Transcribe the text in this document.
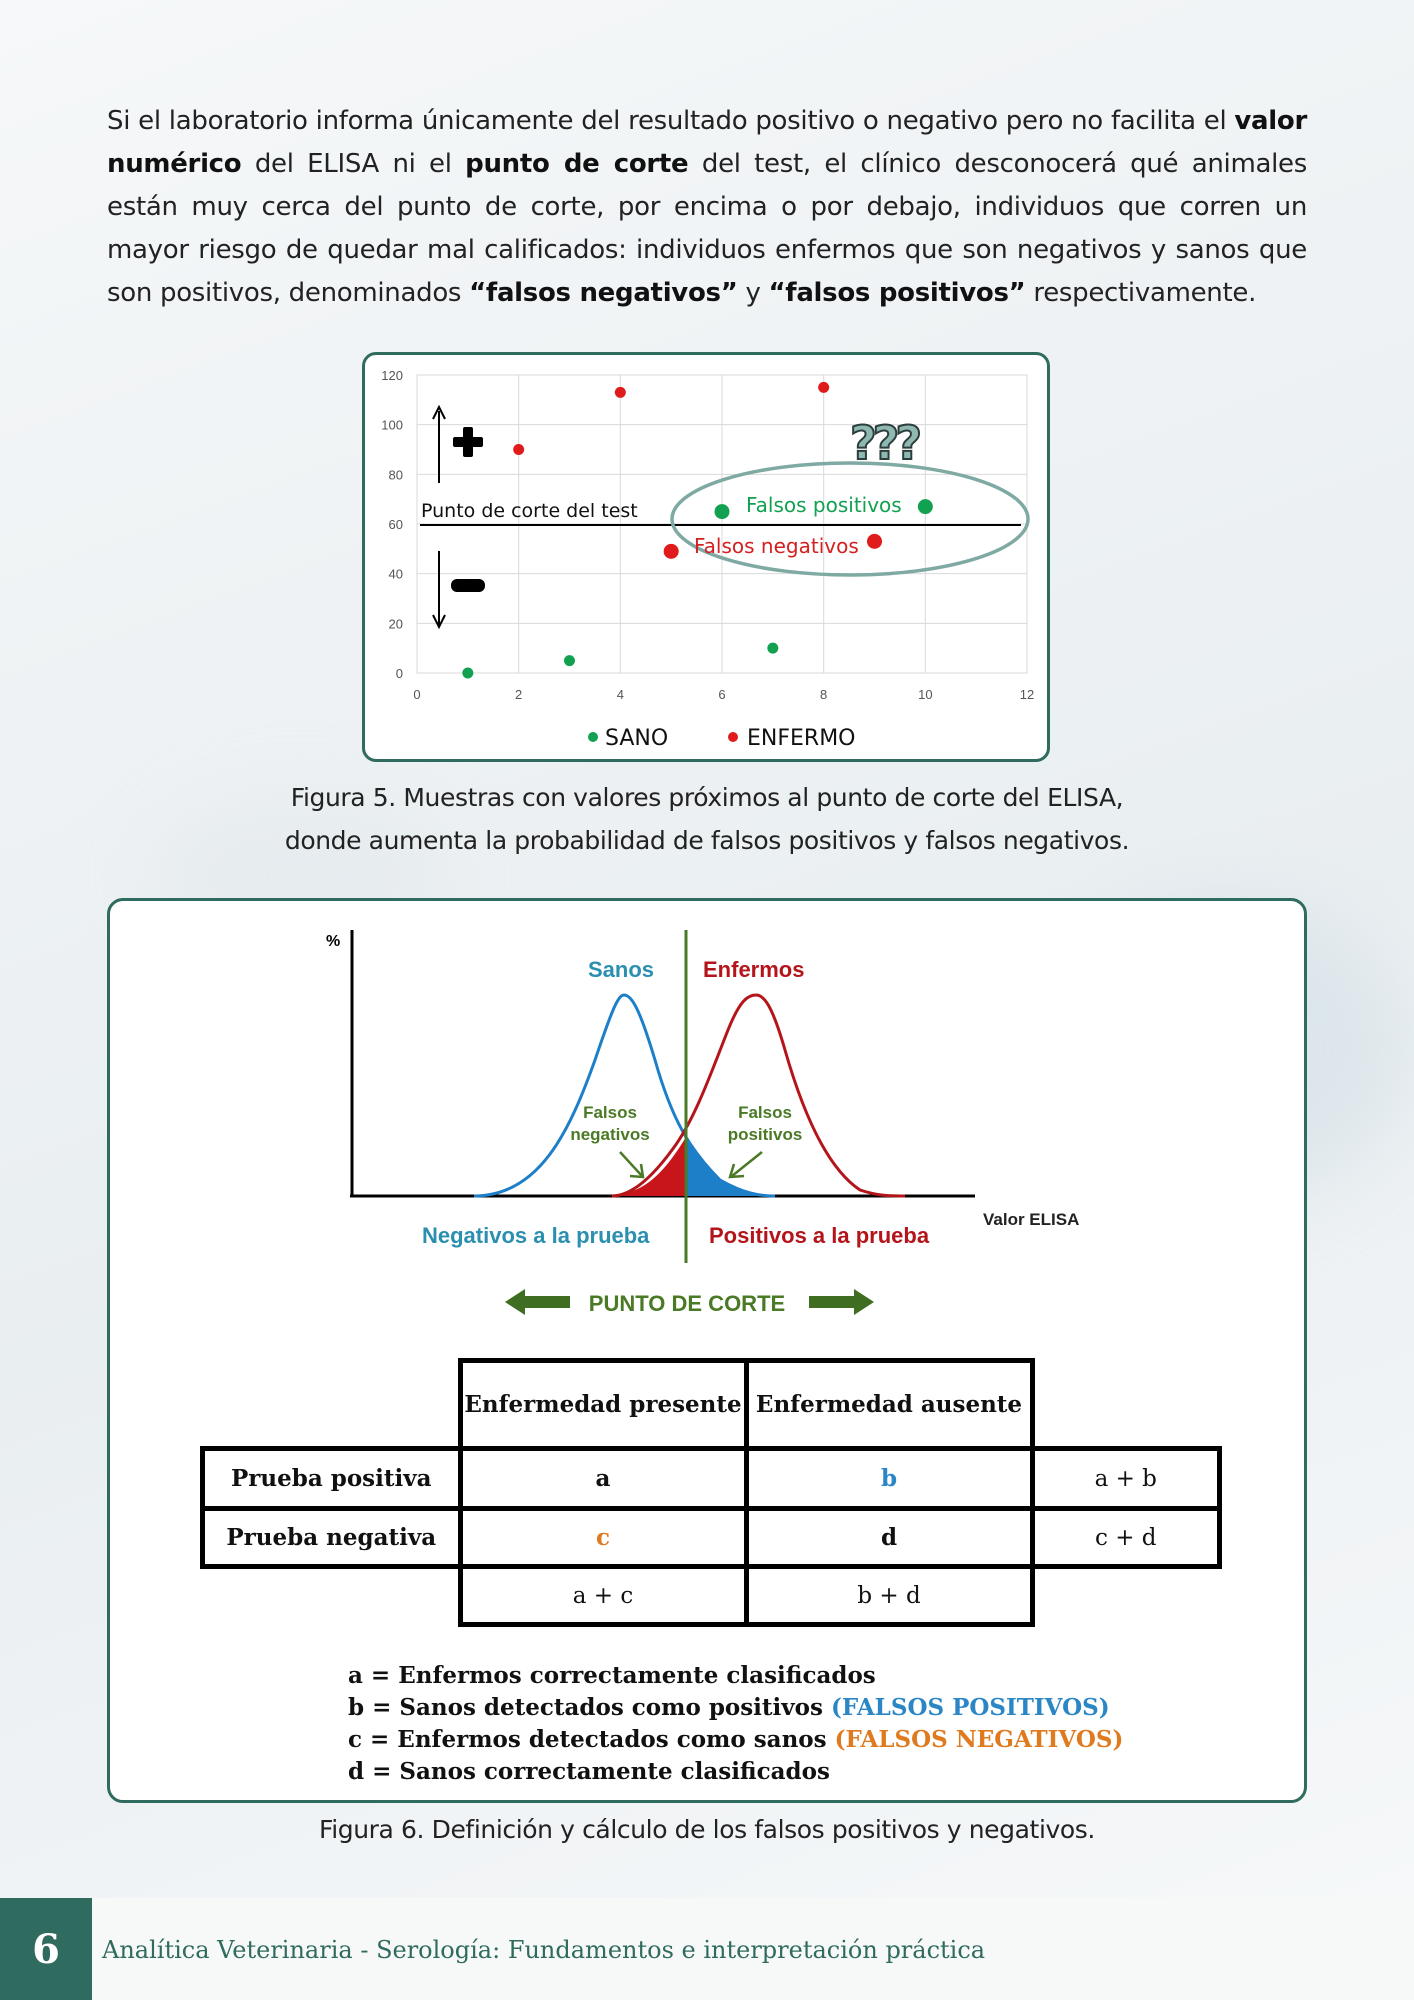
Si el laboratorio informa únicamente del resultado positivo o negativo pero no facilita el valor numérico del ELISA ni el punto de corte del test, el clínico desconocerá qué animales están muy cerca del punto de corte, por encima o por debajo, individuos que corren un mayor riesgo de quedar mal calificados: individuos enfermos que son negativos y sanos que son positivos, denominados “falsos negativos” y “falsos positivos” respectivamente.
0	2	4	6	8	10	12
0
20
40
60
80
100
120
Punto de corte del test	Falsos positivos
Falsos negativos
???
SANO	ENFERMO
Figura 5. Muestras con valores próximos al punto de corte del ELISA,
donde aumenta la probabilidad de falsos positivos y falsos negativos.
%
Sanos Enfermos
Falsos
negativos
Falsos
positivos
Valor ELISA
Negativos a la prueba	Positivos a la prueba
PUNTO DE CORTE
	Enfermedad presente	Enfermedad ausente	
Prueba positiva	a	b	a + b
Prueba negativa	c	d	c + d
	a + c	b + d	
a = Enfermos correctamente clasificados
b = Sanos detectados como positivos (FALSOS POSITIVOS)
c = Enfermos detectados como sanos (FALSOS NEGATIVOS)
d = Sanos correctamente clasificados
Figura 6. Definición y cálculo de los falsos positivos y negativos.
6	Analítica Veterinaria - Serología: Fundamentos e interpretación práctica
